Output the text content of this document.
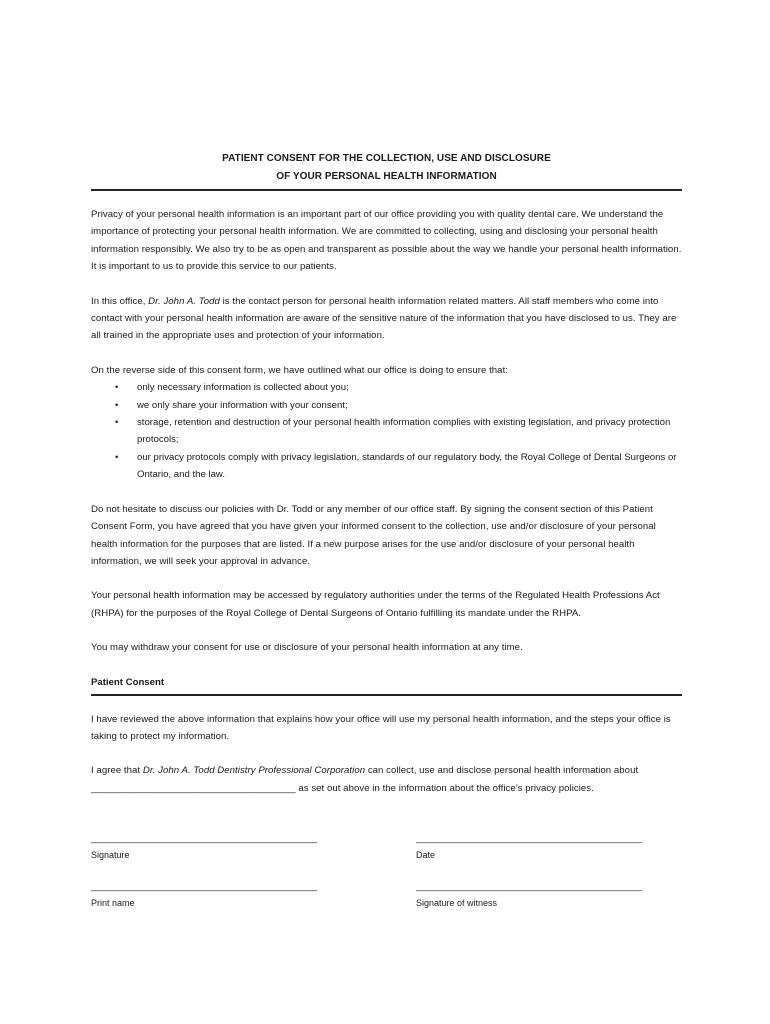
PATIENT CONSENT FOR THE COLLECTION, USE AND DISCLOSURE
OF YOUR PERSONAL HEALTH INFORMATION

Privacy of your personal health information is an important part of our office providing you with quality dental care. We understand the importance of protecting your personal health information. We are committed to collecting, using and disclosing your personal health information responsibly. We also try to be as open and transparent as possible about the way we handle your personal health information. It is important to us to provide this service to our patients.

In this office, Dr. John A. Todd is the contact person for personal health information related matters. All staff members who come into contact with your personal health information are aware of the sensitive nature of the information that you have disclosed to us. They are all trained in the appropriate uses and protection of your information.

On the reverse side of this consent form, we have outlined what our office is doing to ensure that:

• only necessary information is collected about you;
• we only share your information with your consent;
• storage, retention and destruction of your personal health information complies with existing legislation, and privacy protection protocols;
• our privacy protocols comply with privacy legislation, standards of our regulatory body, the Royal College of Dental Surgeons or Ontario, and the law.

Do not hesitate to discuss our policies with Dr. Todd or any member of our office staff. By signing the consent section of this Patient Consent Form, you have agreed that you have given your informed consent to the collection, use and/or disclosure of your personal health information for the purposes that are listed. If a new purpose arises for the use and/or disclosure of your personal health information, we will seek your approval in advance.

Your personal health information may be accessed by regulatory authorities under the terms of the Regulated Health Professions Act (RHPA) for the purposes of the Royal College of Dental Surgeons of Ontario fulfilling its mandate under the RHPA.

You may withdraw your consent for use or disclosure of your personal health information at any time.

Patient Consent

I have reviewed the above information that explains how your office will use my personal health information, and the steps your office is taking to protect my information.

I agree that Dr. John A. Todd Dentistry Professional Corporation can collect, use and disclose personal health information about ______________________________________ as set out above in the information about the office’s privacy policies.

________________________________________________
Signature
________________________________________________
Date
________________________________________________
Print name
________________________________________________
Signature of witness
